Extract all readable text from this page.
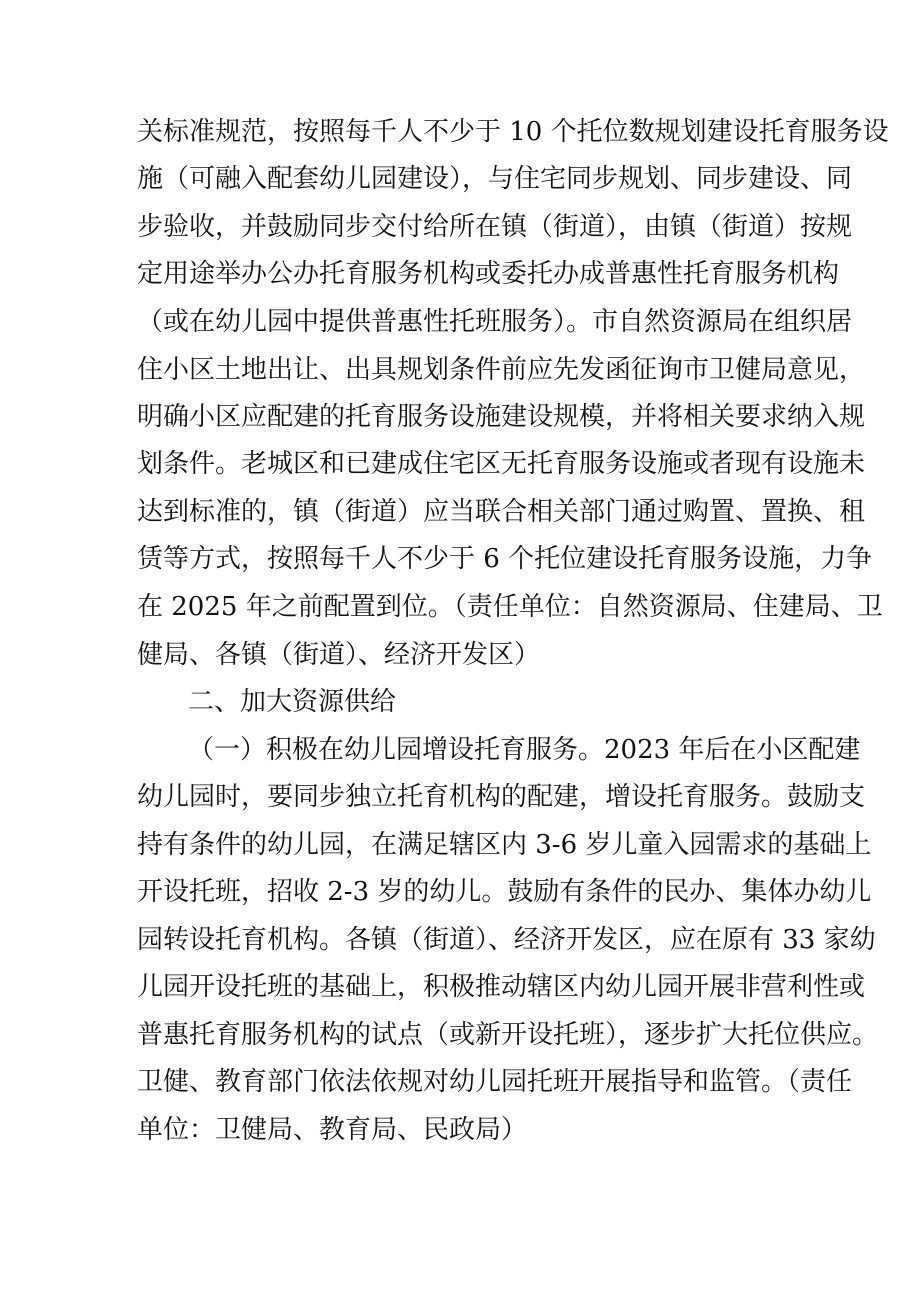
关标准规范，按照每千人不少于 10 个托位数规划建设托育服务设
施（可融入配套幼儿园建设），与住宅同步规划、同步建设、同
步验收，并鼓励同步交付给所在镇（街道），由镇（街道）按规
定用途举办公办托育服务机构或委托办成普惠性托育服务机构
（或在幼儿园中提供普惠性托班服务）。市自然资源局在组织居
住小区土地出让、出具规划条件前应先发函征询市卫健局意见，
明确小区应配建的托育服务设施建设规模，并将相关要求纳入规
划条件。老城区和已建成住宅区无托育服务设施或者现有设施未
达到标准的，镇（街道）应当联合相关部门通过购置、置换、租
赁等方式，按照每千人不少于 6 个托位建设托育服务设施，力争
在 2025 年之前配置到位。（责任单位：自然资源局、住建局、卫
健局、各镇（街道）、经济开发区）
二、加大资源供给
（一）积极在幼儿园增设托育服务。2023 年后在小区配建
幼儿园时，要同步独立托育机构的配建，增设托育服务。鼓励支
持有条件的幼儿园，在满足辖区内 3-6 岁儿童入园需求的基础上
开设托班，招收 2-3 岁的幼儿。鼓励有条件的民办、集体办幼儿
园转设托育机构。各镇（街道）、经济开发区，应在原有 33 家幼
儿园开设托班的基础上，积极推动辖区内幼儿园开展非营利性或
普惠托育服务机构的试点（或新开设托班），逐步扩大托位供应。
卫健、教育部门依法依规对幼儿园托班开展指导和监管。（责任
单位：卫健局、教育局、民政局）
